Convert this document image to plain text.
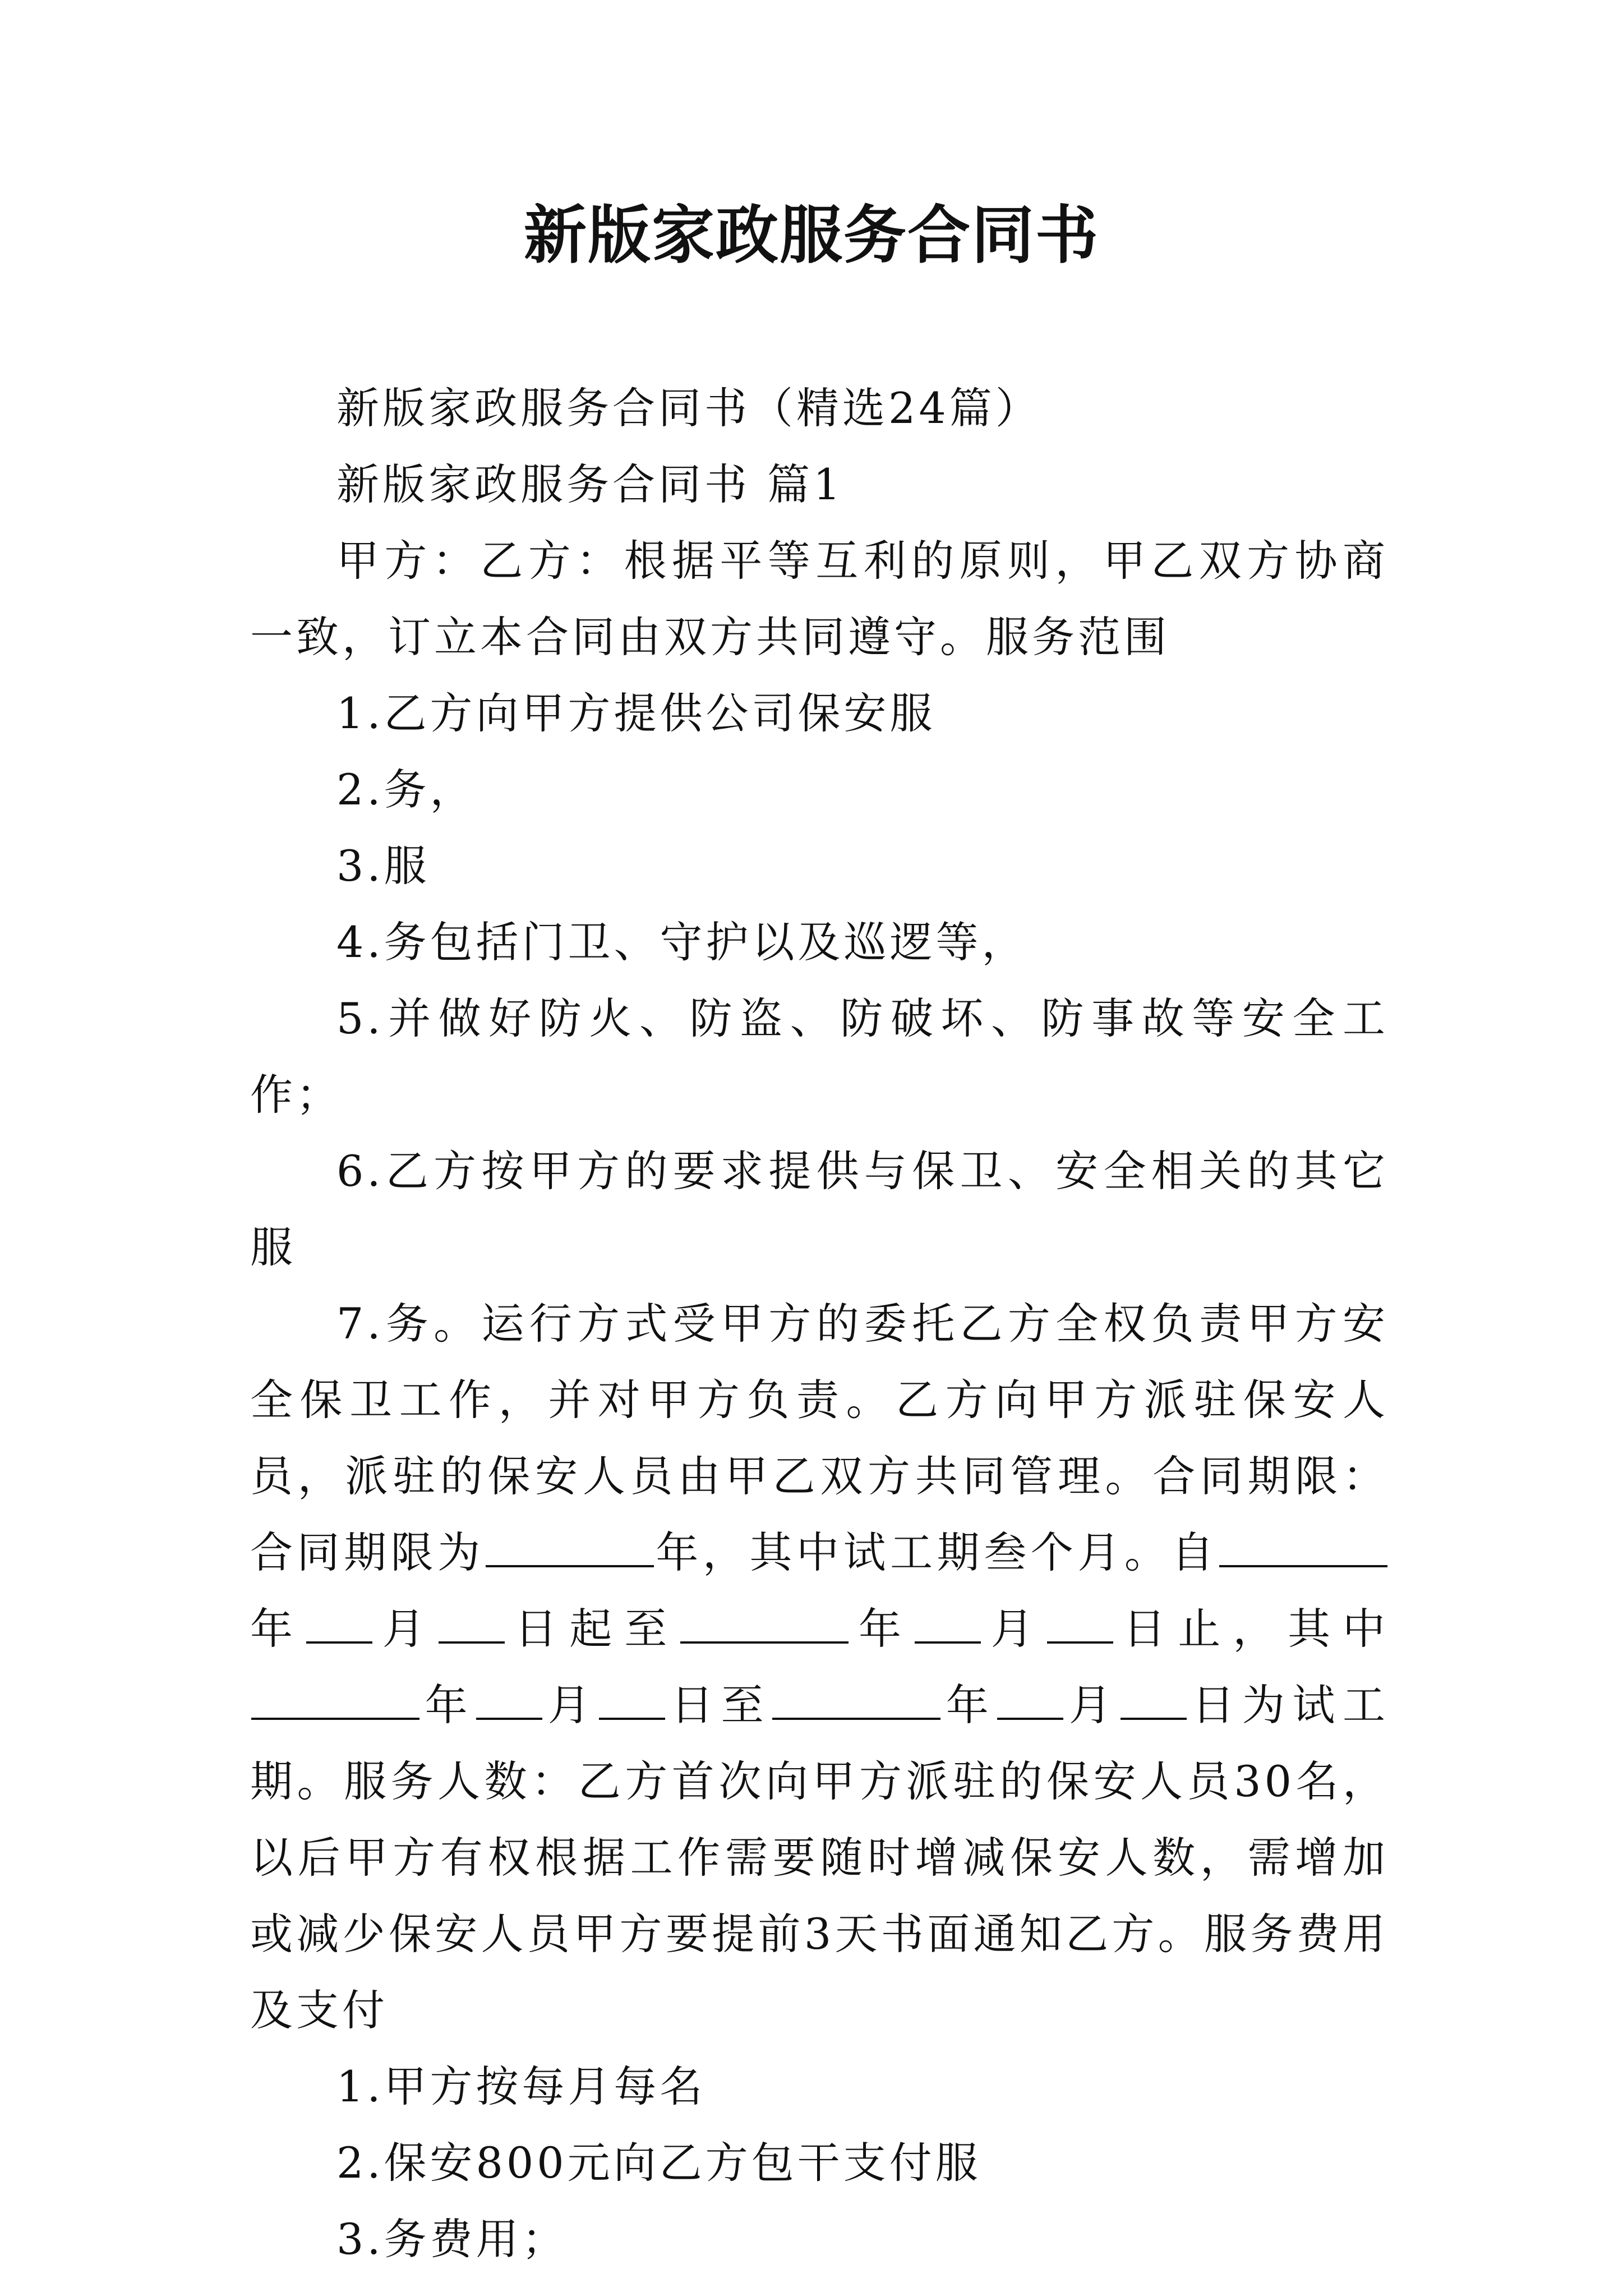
新版家政服务合同书

新版家政服务合同书（精选24篇）

新版家政服务合同书 篇1

甲方：乙方：根据平等互利的原则，甲乙双方协商一致，订立本合同由双方共同遵守。服务范围

1.乙方向甲方提供公司保安服

2.务，

3.服

4.务包括门卫、守护以及巡逻等，

5.并做好防火、防盗、防破坏、防事故等安全工作；

6.乙方按甲方的要求提供与保卫、安全相关的其它服

7.务。运行方式受甲方的委托乙方全权负责甲方安全保卫工作，并对甲方负责。乙方向甲方派驻保安人员，派驻的保安人员由甲乙双方共同管理。合同期限：合同期限为	年，其中试工期叁个月。自年 月 日起至	年 月 日止，其中年 月 日至	年 月 日为试工期。服务人数：乙方首次向甲方派驻的保安人员30名，以后甲方有权根据工作需要随时增减保安人数，需增加或减少保安人员甲方要提前3天书面通知乙方。服务费用及支付

1.甲方按每月每名

2.保安800元向乙方包干支付服

3.务费用；
